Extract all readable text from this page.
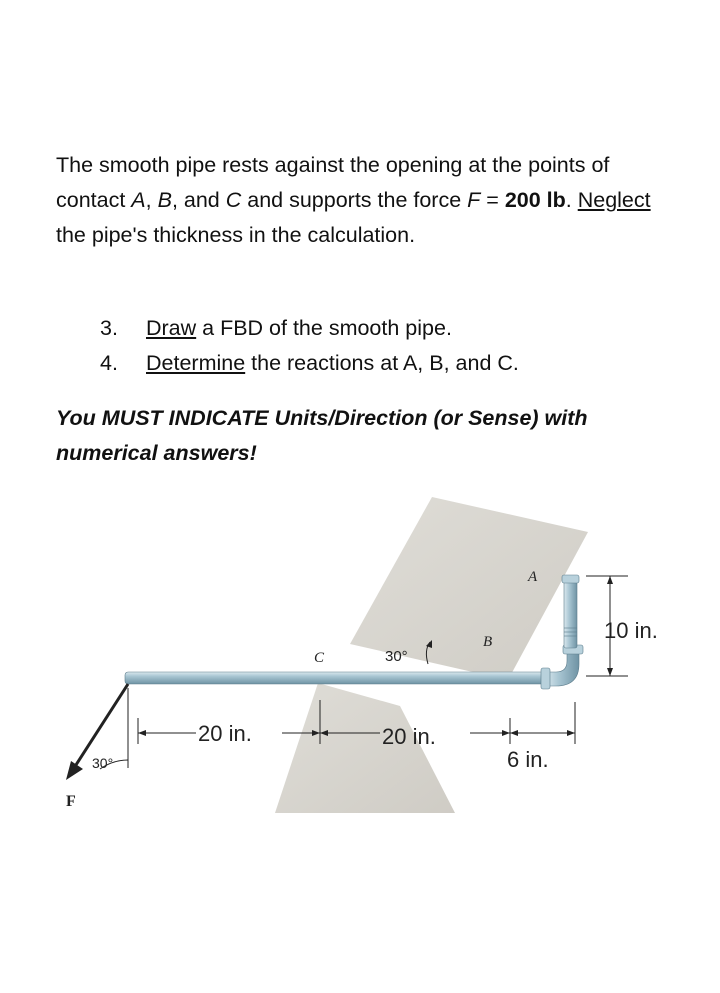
The smooth pipe rests against the opening at the points of contact A, B, and C and supports the force F = 200 lb. Neglect the pipe's thickness in the calculation.
3.	Draw a FBD of the smooth pipe.
4.	Determine the reactions at A, B, and C.
You MUST INDICATE Units/Direction (or Sense) with numerical answers!
A
B
C
F
30°
30°
20 in.	20 in.
6 in.
10 in.
